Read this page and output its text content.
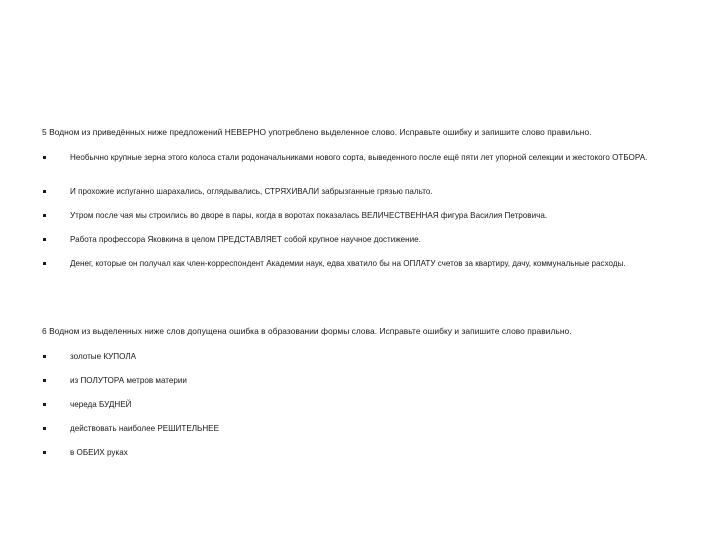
5 Водном из приведённых ниже предложений НЕВЕРНО употреблено выделенное слово. Исправьте ошибку и запишите слово правильно.
Необычно крупные зерна этого колоса стали родоначальниками нового сорта, выведенного после ещё пяти лет упорной селекции и жестокого ОТБОРА.
И прохожие испуганно шарахались, оглядывались, СТРЯХИВАЛИ забрызганные грязью пальто.
Утром после чая мы строились во дворе в пары, когда в воротах показалась ВЕЛИЧЕСТВЕННАЯ фигура Василия Петровича.
Работа профессора Яковкина в целом ПРЕДСТАВЛЯЕТ собой крупное научное достижение.
Денег, которые он получал как член-корреспондент Академии наук, едва хватило бы на ОПЛАТУ счетов за квартиру, дачу, коммунальные расходы.
6 Водном из выделенных ниже слов допущена ошибка в образовании формы слова. Исправьте ошибку и запишите слово правильно.
золотые КУПОЛА
из ПОЛУТОРА метров материи
череда БУДНЕЙ
действовать наиболее РЕШИТЕЛЬНЕЕ
в ОБЕИХ руках
